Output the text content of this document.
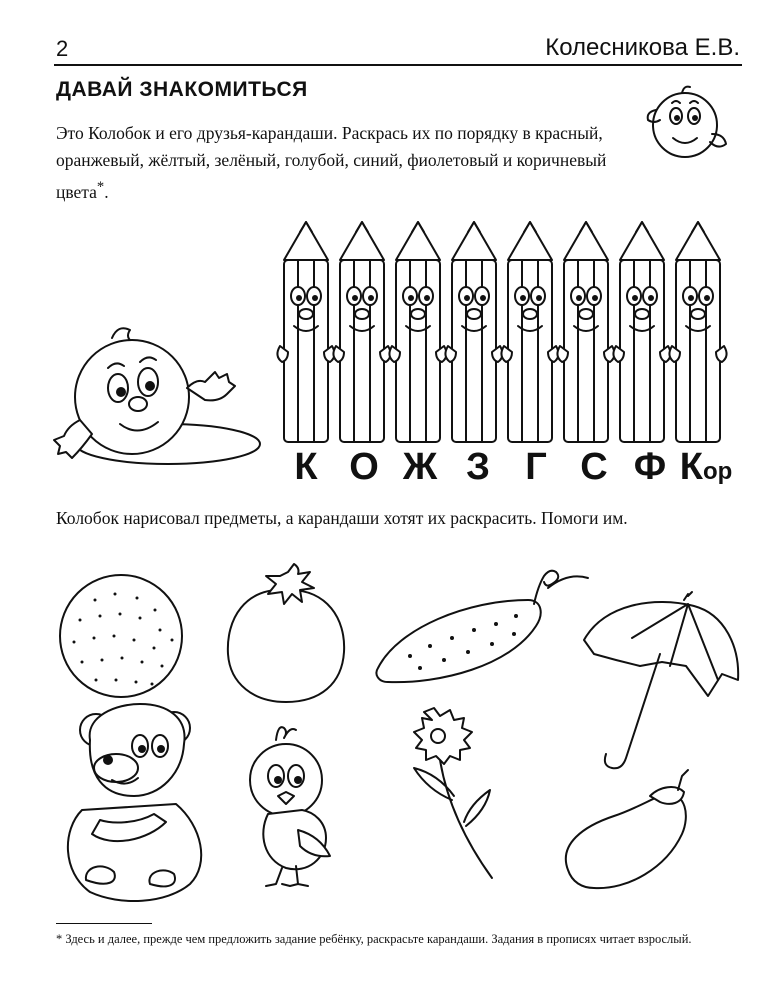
2	Колесникова Е.В.
ДАВАЙ ЗНАКОМИТЬСЯ

Это Колобок и его друзья-карандаши. Раскрась их по порядку в красный, оранжевый, жёлтый, зелёный, голубой, синий, фиолетовый и коричневый цвета*.

К О Ж З Г С Ф Кор

Колобок нарисовал предметы, а карандаши хотят их раскрасить. Помоги им.

* Здесь и далее, прежде чем предложить задание ребёнку, раскрасьте карандаши. Задания в прописях читает взрослый.
